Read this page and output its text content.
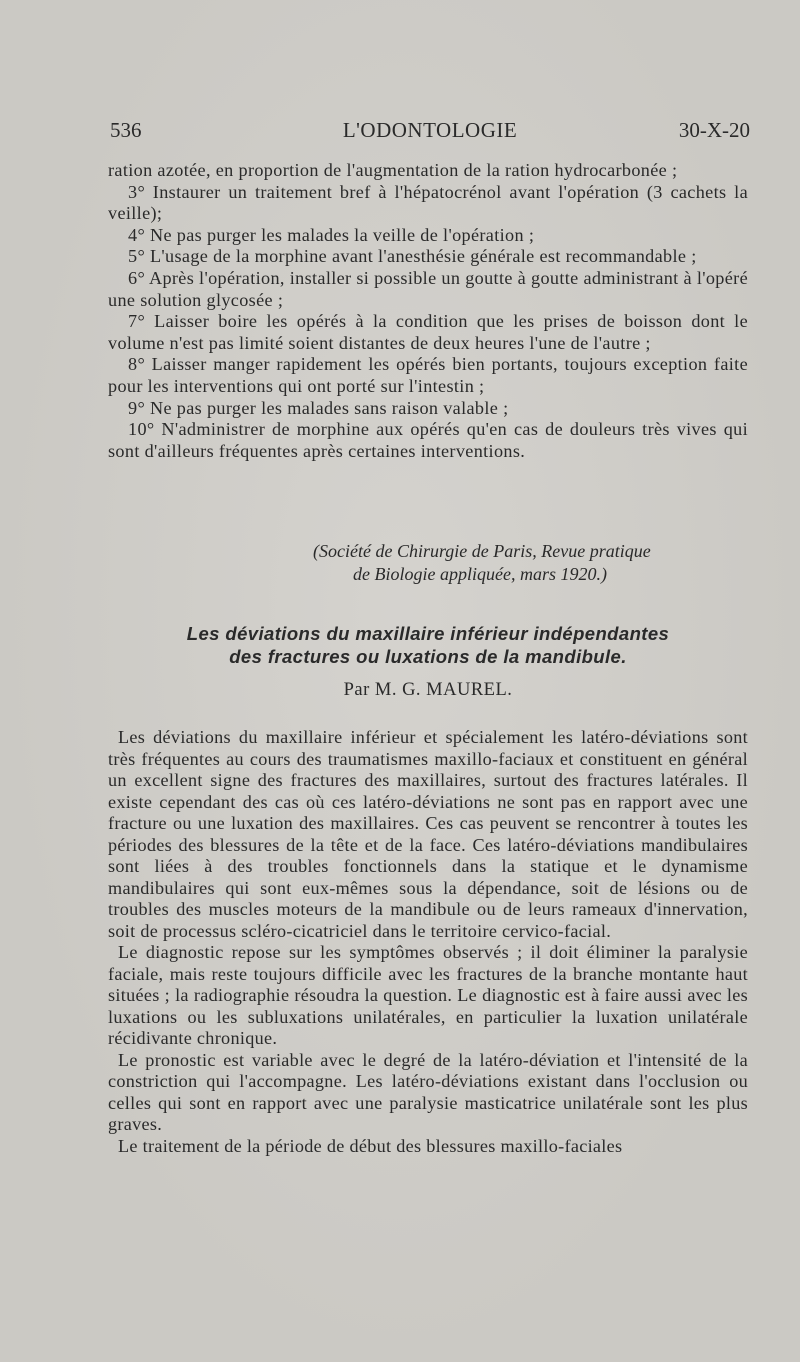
536	L'ODONTOLOGIE	30-X-20

ration azotée, en proportion de l'augmentation de la ration hydrocarbonée ;

3° Instaurer un traitement bref à l'hépatocrénol avant l'opération (3 cachets la veille);

4° Ne pas purger les malades la veille de l'opération ;

5° L'usage de la morphine avant l'anesthésie générale est recommandable ;

6° Après l'opération, installer si possible un goutte à goutte administrant à l'opéré une solution glycosée ;

7° Laisser boire les opérés à la condition que les prises de boisson dont le volume n'est pas limité soient distantes de deux heures l'une de l'autre ;

8° Laisser manger rapidement les opérés bien portants, toujours exception faite pour les interventions qui ont porté sur l'intestin ;

9° Ne pas purger les malades sans raison valable ;

10° N'administrer de morphine aux opérés qu'en cas de douleurs très vives qui sont d'ailleurs fréquentes après certaines interventions.

(Société de Chirurgie de Paris, Revue pratique
de Biologie appliquée, mars 1920.)
Les déviations du maxillaire inférieur indépendantes
des fractures ou luxations de la mandibule.
Par M. G. MAUREL.

Les déviations du maxillaire inférieur et spécialement les latéro-déviations sont très fréquentes au cours des traumatismes maxillo-faciaux et constituent en général un excellent signe des fractures des maxillaires, surtout des fractures latérales. Il existe cependant des cas où ces latéro-déviations ne sont pas en rapport avec une fracture ou une luxation des maxillaires. Ces cas peuvent se rencontrer à toutes les périodes des blessures de la tête et de la face. Ces latéro-déviations mandibulaires sont liées à des troubles fonctionnels dans la statique et le dynamisme mandibulaires qui sont eux-mêmes sous la dépendance, soit de lésions ou de troubles des muscles moteurs de la mandibule ou de leurs rameaux d'innervation, soit de processus scléro-cicatriciel dans le territoire cervico-facial.

Le diagnostic repose sur les symptômes observés ; il doit éliminer la paralysie faciale, mais reste toujours difficile avec les fractures de la branche montante haut situées ; la radiographie résoudra la question. Le diagnostic est à faire aussi avec les luxations ou les subluxations unilatérales, en particulier la luxation unilatérale récidivante chronique.

Le pronostic est variable avec le degré de la latéro-déviation et l'intensité de la constriction qui l'accompagne. Les latéro-déviations existant dans l'occlusion ou celles qui sont en rapport avec une paralysie masticatrice unilatérale sont les plus graves.

Le traitement de la période de début des blessures maxillo-faciales
